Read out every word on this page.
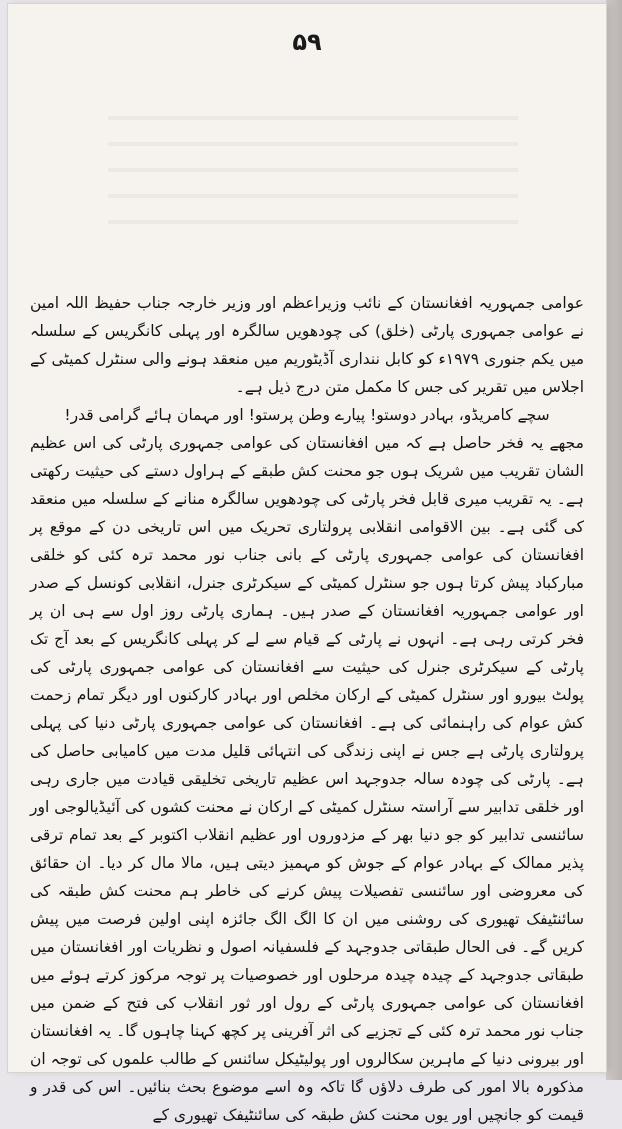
۵۹

عوامی جمہوریہ افغانستان کے نائب وزیراعظم اور وزیر خارجہ جناب حفیظ اللہ امین نے عوامی جمہوری پارٹی (خلق) کی چودھویں سالگرہ اور پہلی کانگریس کے سلسلہ میں یکم جنوری ۱۹۷۹ء کو کابل ننداری آڈیٹوریم میں منعقد ہونے والی سنٹرل کمیٹی کے اجلاس میں تقریر کی جس کا مکمل متن درج ذیل ہے۔

سچے کامریڈو، بہادر دوستو! پیارے وطن پرستو! اور مہمان ہائے گرامی قدر!

مجھے یہ فخر حاصل ہے کہ میں افغانستان کی عوامی جمہوری پارٹی کی اس عظیم الشان تقریب میں شریک ہوں جو محنت کش طبقے کے ہراول دستے کی حیثیت رکھتی ہے۔ یہ تقریب میری قابل فخر پارٹی کی چودھویں سالگرہ منانے کے سلسلہ میں منعقد کی گئی ہے۔ بین الاقوامی انقلابی پرولتاری تحریک میں اس تاریخی دن کے موقع پر افغانستان کی عوامی جمہوری پارٹی کے بانی جناب نور محمد ترہ کئی کو خلقی مبارکباد پیش کرتا ہوں جو سنٹرل کمیٹی کے سیکرٹری جنرل، انقلابی کونسل کے صدر اور عوامی جمہوریہ افغانستان کے صدر ہیں۔ ہماری پارٹی روز اول سے ہی ان پر فخر کرتی رہی ہے۔ انہوں نے پارٹی کے قیام سے لے کر پہلی کانگریس کے بعد آج تک پارٹی کے سیکرٹری جنرل کی حیثیت سے افغانستان کی عوامی جمہوری پارٹی کی پولٹ بیورو اور سنٹرل کمیٹی کے ارکان مخلص اور بہادر کارکنوں اور دیگر تمام زحمت کش عوام کی راہنمائی کی ہے۔ افغانستان کی عوامی جمہوری پارٹی دنیا کی پہلی پرولتاری پارٹی ہے جس نے اپنی زندگی کی انتہائی قلیل مدت میں کامیابی حاصل کی ہے۔ پارٹی کی چودہ سالہ جدوجہد اس عظیم تاریخی تخلیقی قیادت میں جاری رہی اور خلقی تدابیر سے آراستہ سنٹرل کمیٹی کے ارکان نے محنت کشوں کی آئیڈیالوجی اور سائنسی تدابیر کو جو دنیا بھر کے مزدوروں اور عظیم انقلاب اکتوبر کے بعد تمام ترقی پذیر ممالک کے بہادر عوام کے جوش کو مہمیز دیتی ہیں، مالا مال کر دیا۔ ان حقائق کی معروضی اور سائنسی تفصیلات پیش کرنے کی خاطر ہم محنت کش طبقہ کی سائنٹیفک تھیوری کی روشنی میں ان کا الگ الگ جائزہ اپنی اولین فرصت میں پیش کریں گے۔ فی الحال طبقاتی جدوجہد کے فلسفیانہ اصول و نظریات اور افغانستان میں طبقاتی جدوجہد کے چیدہ چیدہ مرحلوں اور خصوصیات پر توجہ مرکوز کرتے ہوئے میں افغانستان کی عوامی جمہوری پارٹی کے رول اور ثور انقلاب کی فتح کے ضمن میں جناب نور محمد ترہ کئی کے تجزیے کی اثر آفرینی پر کچھ کہنا چاہوں گا۔ یہ افغانستان اور بیرونی دنیا کے ماہرین سکالروں اور پولیٹیکل سائنس کے طالب علموں کی توجہ ان مذکورہ بالا امور کی طرف دلاؤں گا تاکہ وہ اسے موضوع بحث بنائیں۔ اس کی قدر و قیمت کو جانچیں اور یوں محنت کش طبقہ کی سائنٹیفک تھیوری کے
